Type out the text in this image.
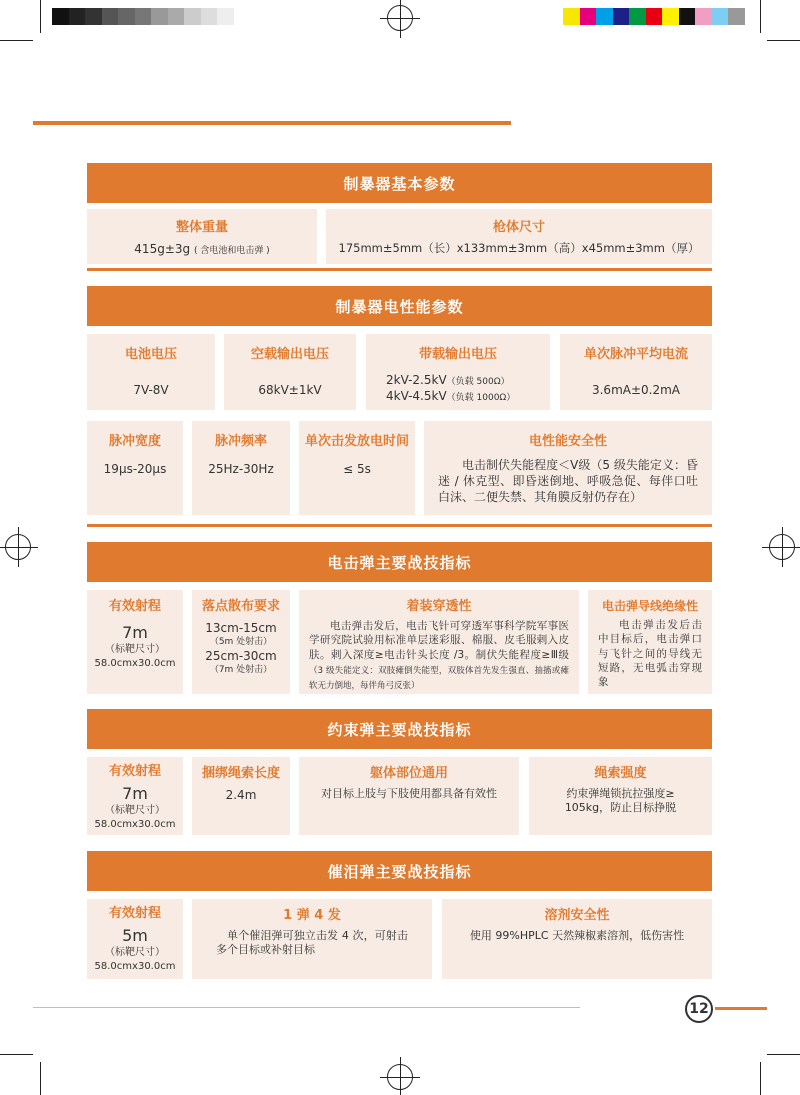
制暴器基本参数
整体重量
415g±3g ( 含电池和电击弹 )
枪体尺寸
175mm±5mm（长）x133mm±3mm（高）x45mm±3mm（厚）
制暴器电性能参数
电池电压
7V-8V
空载输出电压
68kV±1kV
带载输出电压
2kV-2.5kV（负载 500Ω）
4kV-4.5kV（负载 1000Ω）
单次脉冲平均电流
3.6mA±0.2mA
脉冲宽度
19μs-20μs
脉冲频率
25Hz-30Hz
单次击发放电时间
≤ 5s
电性能安全性
电击制伏失能程度＜Ⅴ级（5 级失能定义：昏迷 / 休克型、即昏迷倒地、呼吸急促、每伴口吐白沫、二便失禁、其角膜反射仍存在）
电击弹主要战技指标
有效射程
7m
（标靶尺寸）
58.0cmx30.0cm
落点散布要求
13cm-15cm
（5m 处射击）
25cm-30cm
（7m 处射击）
着装穿透性
电击弹击发后，电击飞针可穿透军事科学院军事医学研究院试验用标准单层迷彩服、棉服、皮毛服剌入皮肤。剌入深度≥电击针头长度 /3。制伏失能程度≥Ⅲ级（3 级失能定义：双肢瘫倒失能型，双肢体首先发生强直、抽搐或瘫软无力倒地，每伴角弓反张）
电击弹导线绝缘性
电击弹击发后击中目标后，电击弹口与飞针之间的导线无短路，无电弧击穿现象
约束弹主要战技指标
有效射程
7m
（标靶尺寸）
58.0cmx30.0cm
捆绑绳索长度
2.4m
躯体部位通用
对目标上肢与下肢使用都具备有效性
绳索强度
约束弹绳锁抗拉强度≥ 105kg，防止目标挣脱
催泪弹主要战技指标
有效射程
5m
（标靶尺寸）
58.0cmx30.0cm
1 弹 4 发
单个催泪弹可独立击发 4 次，可射击多个目标或补射目标
溶剂安全性
使用 99%HPLC 天然辣椒素溶剂，低伤害性
12
